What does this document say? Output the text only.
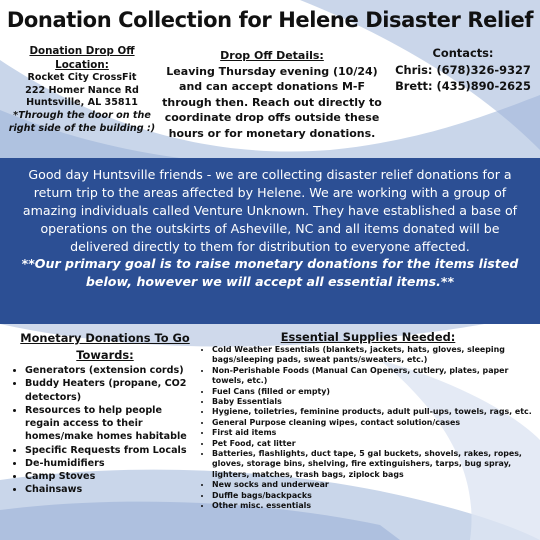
Donation Collection for Helene Disaster Relief
Donation Drop Off
Location:
Rocket City CrossFit
222 Homer Nance Rd
Huntsville, AL 35811
*Through the door on the right side of the building :)
Drop Off Details:
Leaving Thursday evening (10/24) and can accept donations M-F through then. Reach out directly to coordinate drop offs outside these hours or for monetary donations.
Contacts:
Chris: (678)326-9327
Brett: (435)890-2625
Good day Huntsville friends - we are collecting disaster relief donations for a return trip to the areas affected by Helene. We are working with a group of amazing individuals called Venture Unknown. They have established a base of operations on the outskirts of Asheville, NC and all items donated will be delivered directly to them for distribution to everyone affected.
**Our primary goal is to raise monetary donations for the items listed below, however we will accept all essential items.**
Monetary Donations To Go Towards:
• Generators (extension cords)
• Buddy Heaters (propane, CO2 detectors)
• Resources to help people regain access to their homes/make homes habitable
• Specific Requests from Locals
• De-humidifiers
• Camp Stoves
• Chainsaws
Essential Supplies Needed:
• Cold Weather Essentials (blankets, jackets, hats, gloves, sleeping bags/sleeping pads, sweat pants/sweaters, etc.)
• Non-Perishable Foods (Manual Can Openers, cutlery, plates, paper towels, etc.)
• Fuel Cans (filled or empty)
• Baby Essentials
• Hygiene, toiletries, feminine products, adult pull-ups, towels, rags, etc.
• General Purpose cleaning wipes, contact solution/cases
• First aid items
• Pet Food, cat litter
• Batteries, flashlights, duct tape, 5 gal buckets, shovels, rakes, ropes, gloves, storage bins, shelving, fire extinguishers, tarps, bug spray, lighters, matches, trash bags, ziplock bags
• New socks and underwear
• Duffle bags/backpacks
• Other misc. essentials
